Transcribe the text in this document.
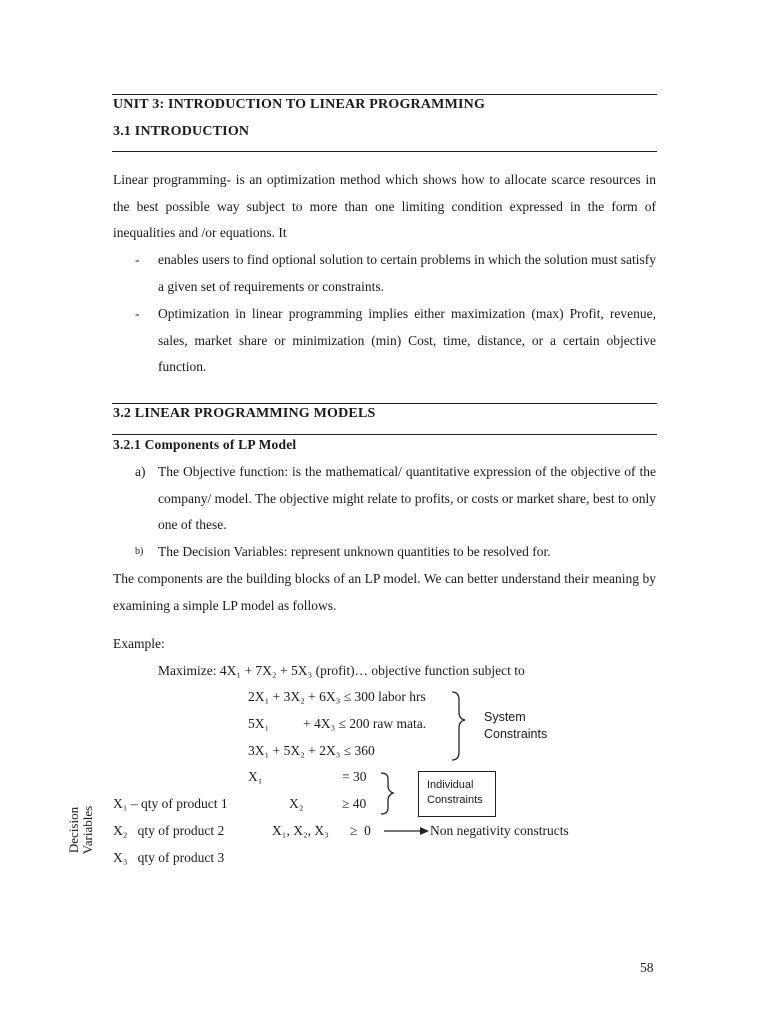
UNIT 3: INTRODUCTION TO LINEAR PROGRAMMING
3.1 INTRODUCTION
Linear programming- is an optimization method which shows how to allocate scarce resources in the best possible way subject to more than one limiting condition expressed in the form of inequalities and /or equations. It
- enables users to find optional solution to certain problems in which the solution must satisfy a given set of requirements or constraints.
- Optimization in linear programming implies either maximization (max) Profit, revenue, sales, market share or minimization (min) Cost, time, distance, or a certain objective function.
3.2 LINEAR PROGRAMMING MODELS
3.2.1 Components of LP Model
a) The Objective function: is the mathematical/ quantitative expression of the objective of the company/ model. The objective might relate to profits, or costs or market share, best to only one of these.
b) The Decision Variables: represent unknown quantities to be resolved for.
The components are the building blocks of an LP model. We can better understand their meaning by examining a simple LP model as follows.
Example:
Maximize: 4X₁ + 7X₂ + 5X₃ (profit)… objective function subject to
2X₁ + 3X₂ + 6X₃ ≤ 300 labor hrs
5X₁          + 4X₃ ≤ 200 raw mata.
3X₁ + 5X₂ + 2X₃ ≤ 360
System
Constraints
X₁	= 30
X₂	≥ 40
Individual
Constraints
X₁, X₂, X₃ ≥  0	Non negativity constructs
X₁ – qty of product 1
X₂   qty of product 2
X₃   qty of product 3
Decision Variables
58
